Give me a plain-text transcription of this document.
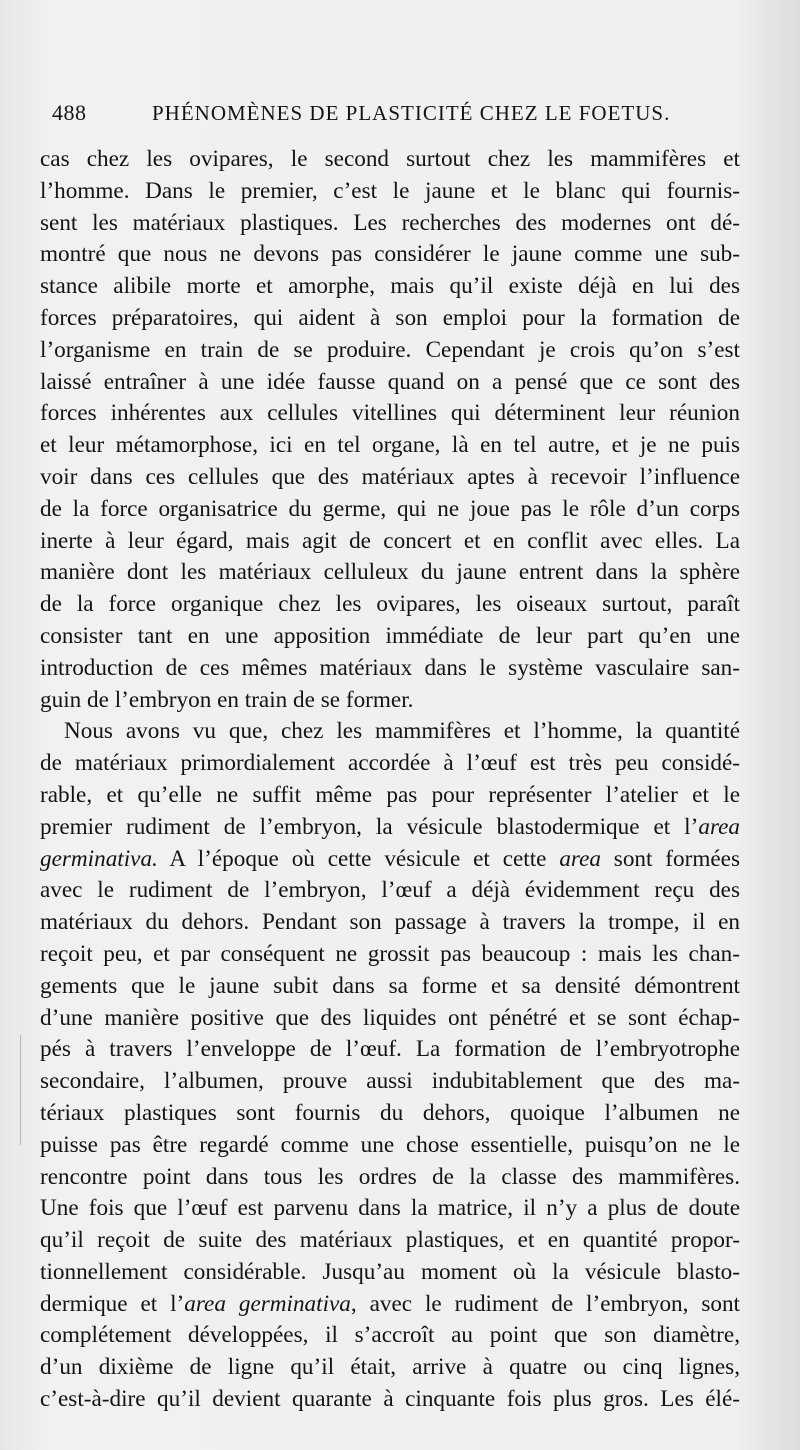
488	PHÉNOMÈNES DE PLASTICITÉ CHEZ LE FOETUS.
cas chez les ovipares, le second surtout chez les mammifères et
l’homme. Dans le premier, c’est le jaune et le blanc qui fournis-
sent les matériaux plastiques. Les recherches des modernes ont dé-
montré que nous ne devons pas considérer le jaune comme une sub-
stance alibile morte et amorphe, mais qu’il existe déjà en lui des
forces préparatoires, qui aident à son emploi pour la formation de
l’organisme en train de se produire. Cependant je crois qu’on s’est
laissé entraîner à une idée fausse quand on a pensé que ce sont des
forces inhérentes aux cellules vitellines qui déterminent leur réunion
et leur métamorphose, ici en tel organe, là en tel autre, et je ne puis
voir dans ces cellules que des matériaux aptes à recevoir l’influence
de la force organisatrice du germe, qui ne joue pas le rôle d’un corps
inerte à leur égard, mais agit de concert et en conflit avec elles. La
manière dont les matériaux celluleux du jaune entrent dans la sphère
de la force organique chez les ovipares, les oiseaux surtout, paraît
consister tant en une apposition immédiate de leur part qu’en une
introduction de ces mêmes matériaux dans le système vasculaire san-
guin de l’embryon en train de se former.
Nous avons vu que, chez les mammifères et l’homme, la quantité
de matériaux primordialement accordée à l’œuf est très peu considé-
rable, et qu’elle ne suffit même pas pour représenter l’atelier et le
premier rudiment de l’embryon, la vésicule blastodermique et l’area
germinativa. A l’époque où cette vésicule et cette area sont formées
avec le rudiment de l’embryon, l’œuf a déjà évidemment reçu des
matériaux du dehors. Pendant son passage à travers la trompe, il en
reçoit peu, et par conséquent ne grossit pas beaucoup : mais les chan-
gements que le jaune subit dans sa forme et sa densité démontrent
d’une manière positive que des liquides ont pénétré et se sont échap-
pés à travers l’enveloppe de l’œuf. La formation de l’embryotrophe
secondaire, l’albumen, prouve aussi indubitablement que des ma-
tériaux plastiques sont fournis du dehors, quoique l’albumen ne
puisse pas être regardé comme une chose essentielle, puisqu’on ne le
rencontre point dans tous les ordres de la classe des mammifères.
Une fois que l’œuf est parvenu dans la matrice, il n’y a plus de doute
qu’il reçoit de suite des matériaux plastiques, et en quantité propor-
tionnellement considérable. Jusqu’au moment où la vésicule blasto-
dermique et l’area germinativa, avec le rudiment de l’embryon, sont
complétement développées, il s’accroît au point que son diamètre,
d’un dixième de ligne qu’il était, arrive à quatre ou cinq lignes,
c’est-à-dire qu’il devient quarante à cinquante fois plus gros. Les élé-
